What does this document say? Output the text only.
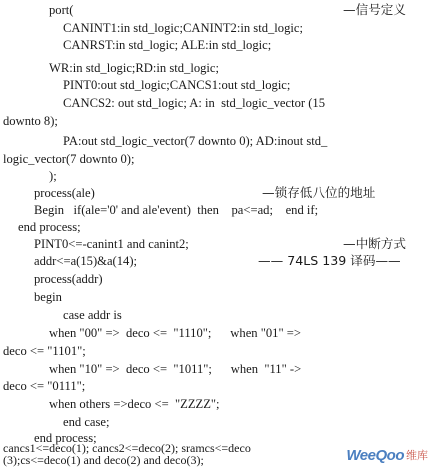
port(	—信号定义
CANINT1:in std_logic;CANINT2:in std_logic;
CANRST:in std_logic; ALE:in std_logic;
WR:in std_logic;RD:in std_logic;
PINT0:out std_logic;CANCS1:out std_logic;
CANCS2: out std_logic; A: in  std_logic_vector (15
downto 8);
PA:out std_logic_vector(7 downto 0); AD:inout std_
logic_vector(7 downto 0);
);
process(ale)	—锁存低八位的地址
Begin   if(ale='0' and ale'event)  then    pa<=ad;    end if;
end process;
PINT0<=-canint1 and canint2;	—中断方式
addr<=a(15)&a(14);	—— 74LS 139 译码——
process(addr)
begin
case addr is
when "00" =>  deco <=  "1110";      when "01" =>
deco <= "1101";
when "10" =>  deco <=  "1011";      when  "11" ->
deco <= "0111";
when others =>deco <=  "ZZZZ";
end case;
end process;
cancs1<=deco(1); cancs2<=deco(2); sramcs<=deco
(3);cs<=deco(1) and deco(2) and deco(3);	WeeQoo 维库
